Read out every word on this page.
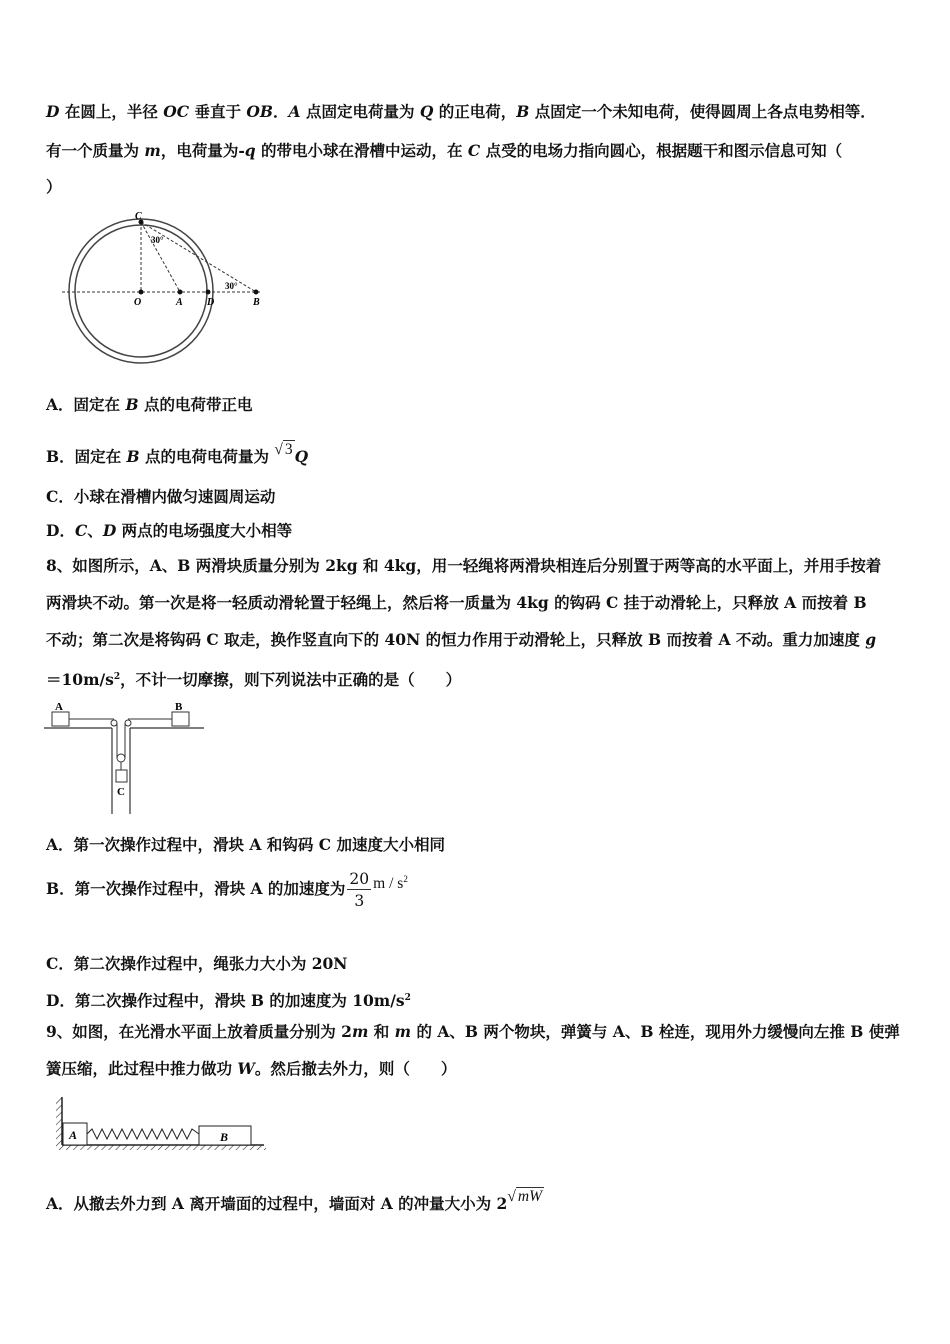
D 在圆上，半径 OC 垂直于 OB．A 点固定电荷量为 Q 的正电荷，B 点固定一个未知电荷，使得圆周上各点电势相等．
有一个质量为 m，电荷量为-q 的带电小球在滑槽中运动，在 C 点受的电场力指向圆心，根据题干和图示信息可知（
）
C
O	A D	B
30°
30°
A．固定在 B 点的电荷带正电
B．固定在 B 点的电荷电荷量为 √ 3 Q
C．小球在滑槽内做匀速圆周运动
D．C、D 两点的电场强度大小相等
8、如图所示，A、B 两滑块质量分别为 2kg 和 4kg，用一轻绳将两滑块相连后分别置于两等高的水平面上，并用手按着
两滑块不动。第一次是将一轻质动滑轮置于轻绳上，然后将一质量为 4kg 的钩码 C 挂于动滑轮上，只释放 A 而按着 B
不动；第二次是将钩码 C 取走，换作竖直向下的 40N 的恒力作用于动滑轮上，只释放 B 而按着 A 不动。重力加速度 g
$=10m/s^2$，不计一切摩擦，则下列说法中正确的是（　　）
A	B
C
A．第一次操作过程中，滑块 A 和钩码 C 加速度大小相同
B．第一次操作过程中，滑块 A 的加速度为 $\frac{20}{3}$ m / $s^2$
C．第二次操作过程中，绳张力大小为 20N
D．第二次操作过程中，滑块 B 的加速度为 $10m/s^2$
9、如图，在光滑水平面上放着质量分别为 2m 和 m 的 A、B 两个物块，弹簧与 A、B 栓连，现用外力缓慢向左推 B 使弹
簧压缩，此过程中推力做功 W。然后撤去外力，则（　　）
A	B
A．从撤去外力到 A 离开墙面的过程中，墙面对 A 的冲量大小为 2√ mW
